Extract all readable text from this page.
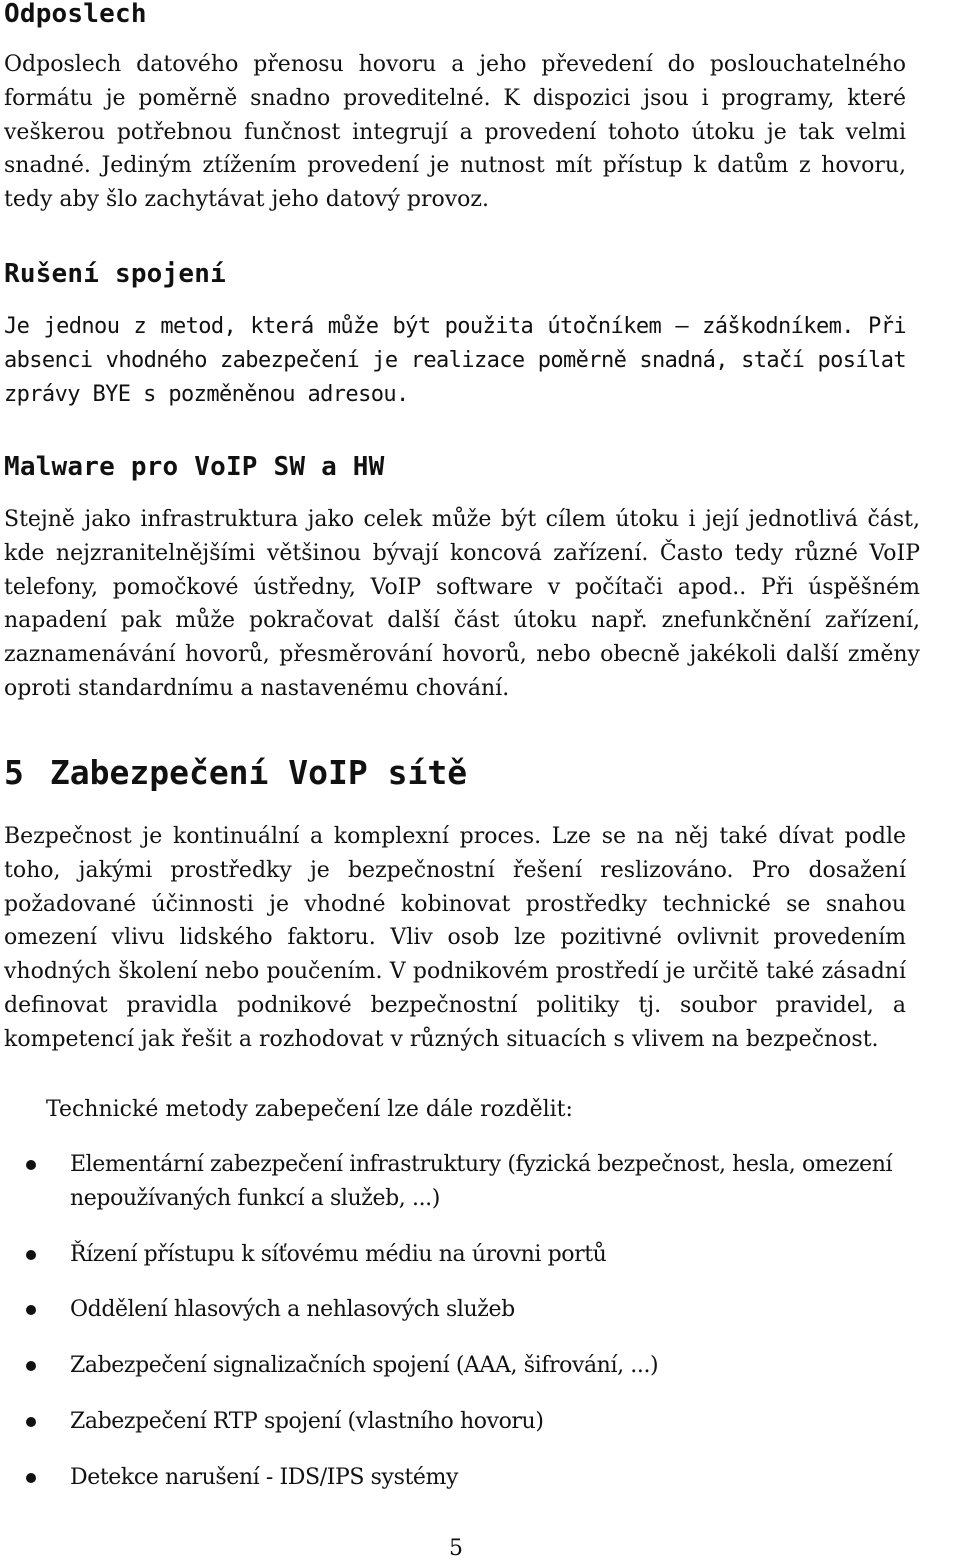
Odposlech

Odposlech datového přenosu hovoru a jeho převedení do poslouchatelného formátu je poměrně snadno proveditelné. K dispozici jsou i programy, které veškerou potřebnou funčnost integrují a provedení tohoto útoku je tak velmi snadné. Jediným ztížením provedení je nutnost mít přístup k datům z hovoru, tedy aby šlo zachytávat jeho datový provoz.

Rušení spojení

Je jednou z metod, která může být použita útočníkem – záškodníkem. Při absenci vhodného zabezpečení je realizace poměrně snadná, stačí posílat zprávy BYE s pozměněnou adresou.

Malware pro VoIP SW a HW

Stejně jako infrastruktura jako celek může být cílem útoku i její jednotlivá část, kde nejzranitelnějšími většinou bývají koncová zařízení. Často tedy různé VoIP telefony, pomočkové ústředny, VoIP software v počítači apod.. Při úspěšném napadení pak může pokračovat další část útoku např. znefunkčnění zařízení, zaznamenávání hovorů, přesměrování hovorů, nebo obecně jakékoli další změny oproti standardnímu a nastavenému chování.

5 Zabezpečení VoIP sítě

Bezpečnost je kontinuální a komplexní proces. Lze se na něj také dívat podle toho, jakými prostředky je bezpečnostní řešení reslizováno. Pro dosažení požadované účinnosti je vhodné kobinovat prostředky technické se snahou omezení vlivu lidského faktoru. Vliv osob lze pozitivné ovlivnit provedením vhodných školení nebo poučením. V podnikovém prostředí je určitě také zásadní definovat pravidla podnikové bezpečnostní politiky tj. soubor pravidel, a kompetencí jak řešit a rozhodovat v různých situacích s vlivem na bezpečnost.

Technické metody zabepečení lze dále rozdělit:

Elementární zabezpečení infrastruktury (fyzická bezpečnost, hesla, omezení nepoužívaných funkcí a služeb, ...)
Řízení přístupu k síťovému médiu na úrovni portů
Oddělení hlasových a nehlasových služeb
Zabezpečení signalizačních spojení (AAA, šifrování, ...)
Zabezpečení RTP spojení (vlastního hovoru)
Detekce narušení - IDS/IPS systémy
5
